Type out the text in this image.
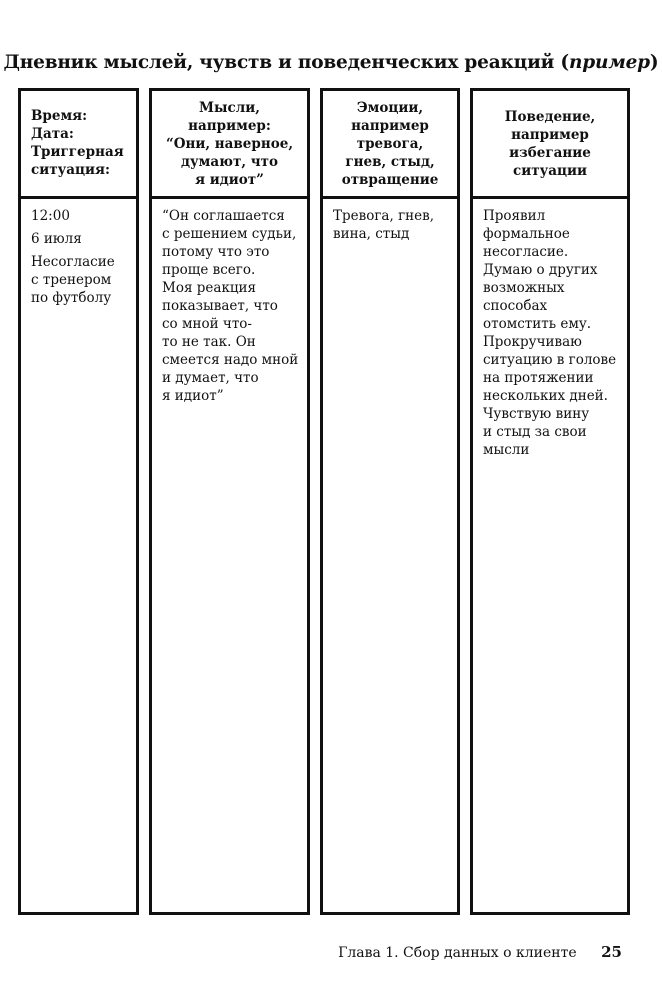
Дневник мыслей, чувств и поведенческих реакций (пример)
Время:
Дата:
Триггерная
ситуация:
12:00
6 июля
Несогласие
с тренером
по футболу
Мысли,
например:
“Они, наверное,
думают, что
я идиот”
“Он соглашается
с решением судьи,
потому что это
проще всего.
Моя реакция
показывает, что
со мной что-
то не так. Он
смеется надо мной
и думает, что
я идиот”
Эмоции,
например
тревога,
гнев, стыд,
отвращение
Тревога, гнев,
вина, стыд
Поведение,
например
избегание
ситуации
Проявил
формальное
несогласие.
Думаю о других
возможных
способах
отомстить ему.
Прокручиваю
ситуацию в голове
на протяжении
нескольких дней.
Чувствую вину
и стыд за свои
мысли
Глава 1. Сбор данных о клиенте 25
